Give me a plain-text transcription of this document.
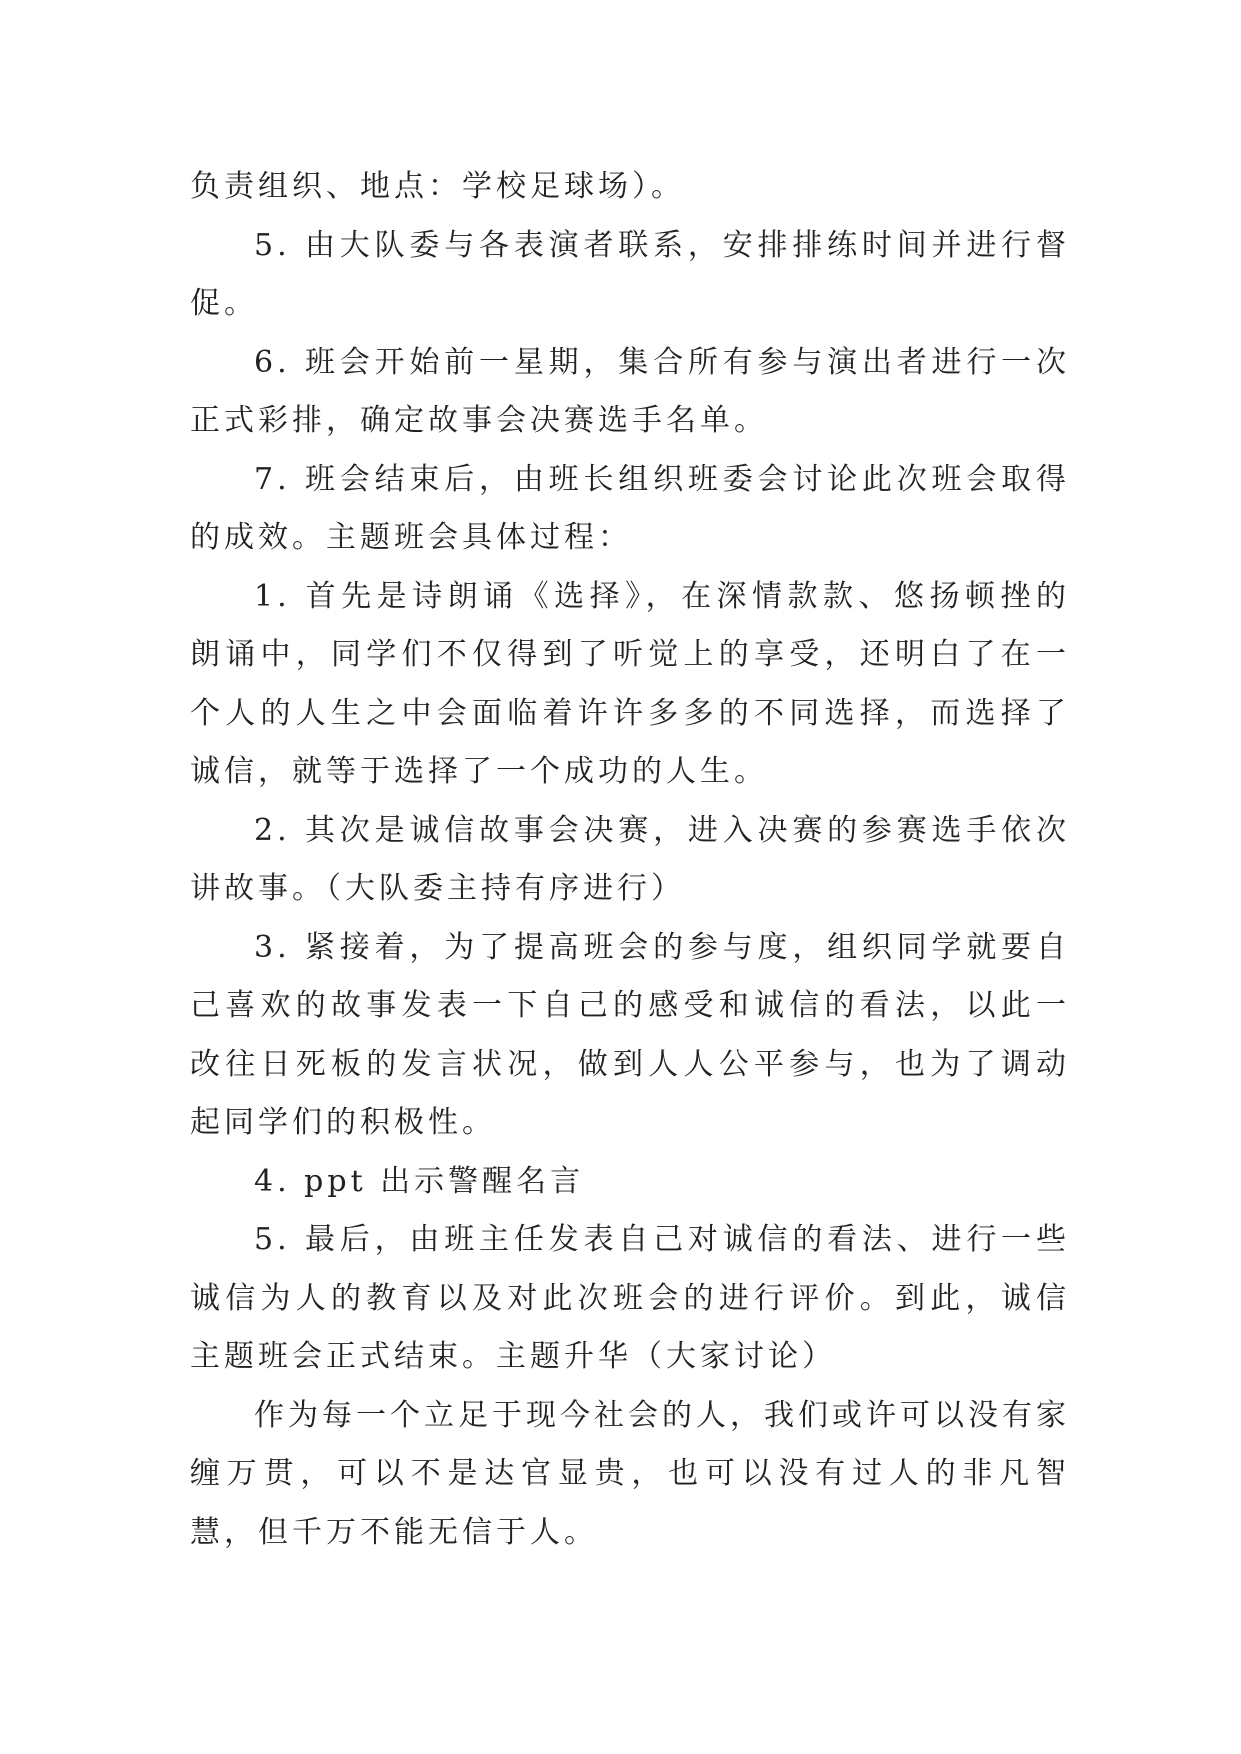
负责组织、地点：学校足球场）。

5. 由大队委与各表演者联系，安排排练时间并进行督促。

6. 班会开始前一星期，集合所有参与演出者进行一次正式彩排，确定故事会决赛选手名单。

7. 班会结束后，由班长组织班委会讨论此次班会取得的成效。主题班会具体过程：

1. 首先是诗朗诵《选择》，在深情款款、悠扬顿挫的朗诵中，同学们不仅得到了听觉上的享受，还明白了在一个人的人生之中会面临着许许多多的不同选择，而选择了诚信，就等于选择了一个成功的人生。

2. 其次是诚信故事会决赛，进入决赛的参赛选手依次讲故事。（大队委主持有序进行）

3. 紧接着，为了提高班会的参与度，组织同学就要自己喜欢的故事发表一下自己的感受和诚信的看法，以此一改往日死板的发言状况，做到人人公平参与，也为了调动起同学们的积极性。

4. ppt 出示警醒名言

5. 最后，由班主任发表自己对诚信的看法、进行一些诚信为人的教育以及对此次班会的进行评价。到此，诚信主题班会正式结束。主题升华（大家讨论）

作为每一个立足于现今社会的人，我们或许可以没有家缠万贯，可以不是达官显贵，也可以没有过人的非凡智慧，但千万不能无信于人。
